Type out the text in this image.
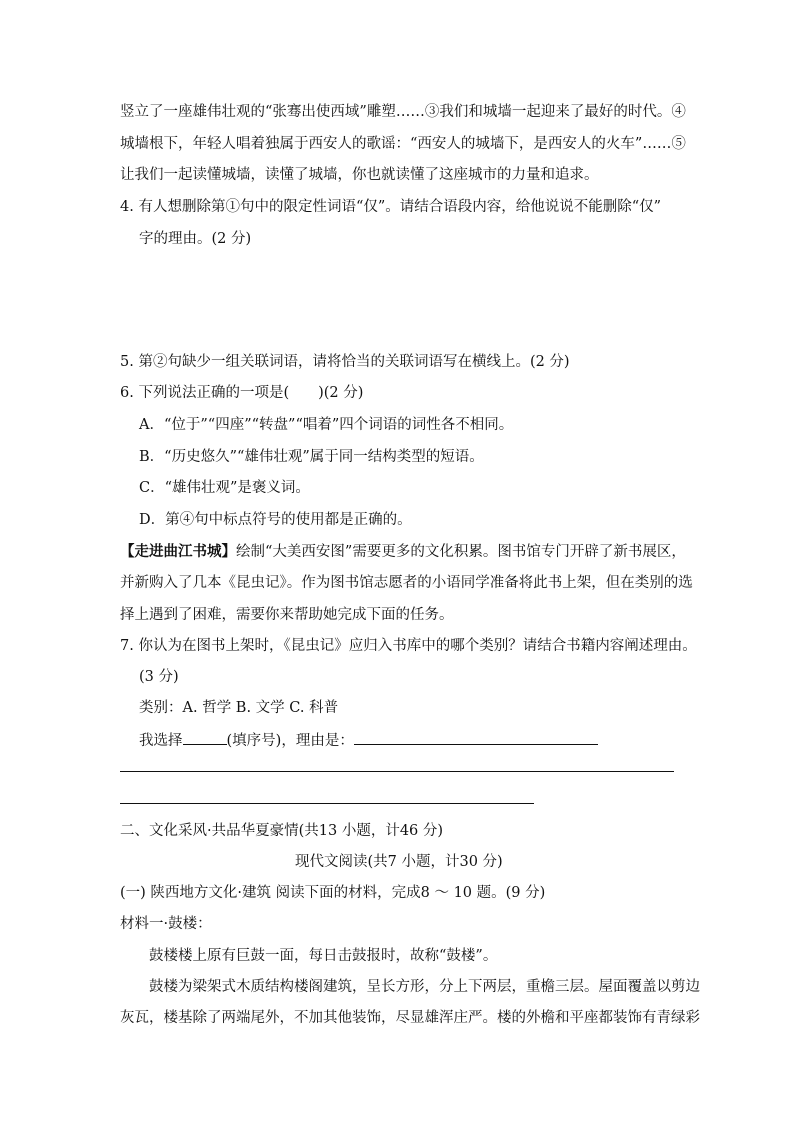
竖立了一座雄伟壮观的“张骞出使西域”雕塑……③我们和城墙一起迎来了最好的时代。④
城墙根下，年轻人唱着独属于西安人的歌谣：“西安人的城墙下，是西安人的火车”……⑤
让我们一起读懂城墙，读懂了城墙，你也就读懂了这座城市的力量和追求。
4. 有人想删除第①句中的限定性词语“仅”。请结合语段内容，给他说说不能删除“仅”
字的理由。(2 分)
5. 第②句缺少一组关联词语，请将恰当的关联词语写在横线上。(2 分)
6. 下列说法正确的一项是(　　)(2 分)
A．“位于”“四座”“转盘”“唱着”四个词语的词性各不相同。
B．“历史悠久”“雄伟壮观”属于同一结构类型的短语。
C．“雄伟壮观”是褒义词。
D．第④句中标点符号的使用都是正确的。
【走进曲江书城】绘制“大美西安图”需要更多的文化积累。图书馆专门开辟了新书展区，
并新购入了几本《昆虫记》。作为图书馆志愿者的小语同学准备将此书上架，但在类别的选
择上遇到了困难，需要你来帮助她完成下面的任务。
7. 你认为在图书上架时，《昆虫记》应归入书库中的哪个类别？请结合书籍内容阐述理由。
(3 分)
类别：A. 哲学 B. 文学 C. 科普
我选择	(填序号)，理由是：
二、文化采风·共品华夏豪情(共13 小题，计46 分)
现代文阅读(共7 小题，计30 分)
(一) 陕西地方文化·建筑 阅读下面的材料，完成8 ～ 10 题。(9 分)
材料一·鼓楼：
鼓楼楼上原有巨鼓一面，每日击鼓报时，故称“鼓楼”。
鼓楼为梁架式木质结构楼阁建筑，呈长方形，分上下两层，重檐三层。屋面覆盖以剪边
灰瓦，楼基除了两端尾外，不加其他装饰，尽显雄浑庄严。楼的外檐和平座都装饰有青绿彩
